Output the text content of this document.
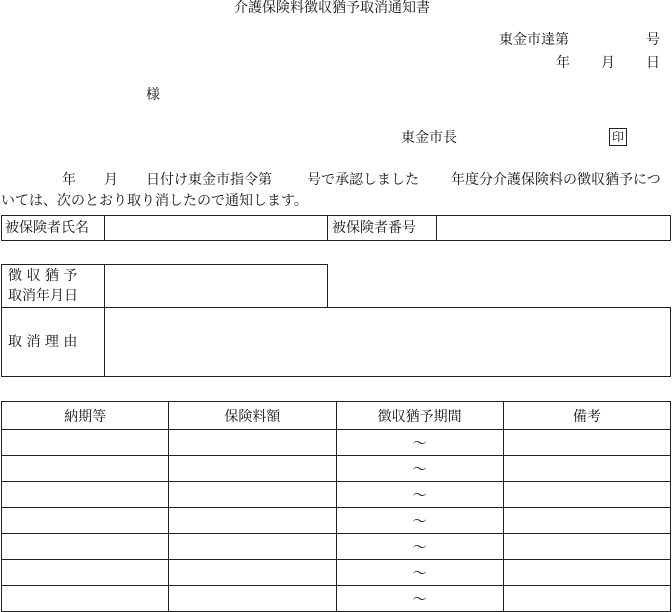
介護保険料徴収猶予取消通知書
東金市達第	号
年 月 日
様
東金市長	印
年 月 日付け東金市指令第	号で承認しました 年度分介護保険料の徴収猶予につ
いては、次のとおり取り消したので通知します。
被保険者氏名	被保険者番号
徴 収 猶 予
取消年月日
取 消 理 由
納期等	保険料額	徴収猶予期間	備考
		～	
		～	
		～	
		～	
		～	
		～	
		～	
